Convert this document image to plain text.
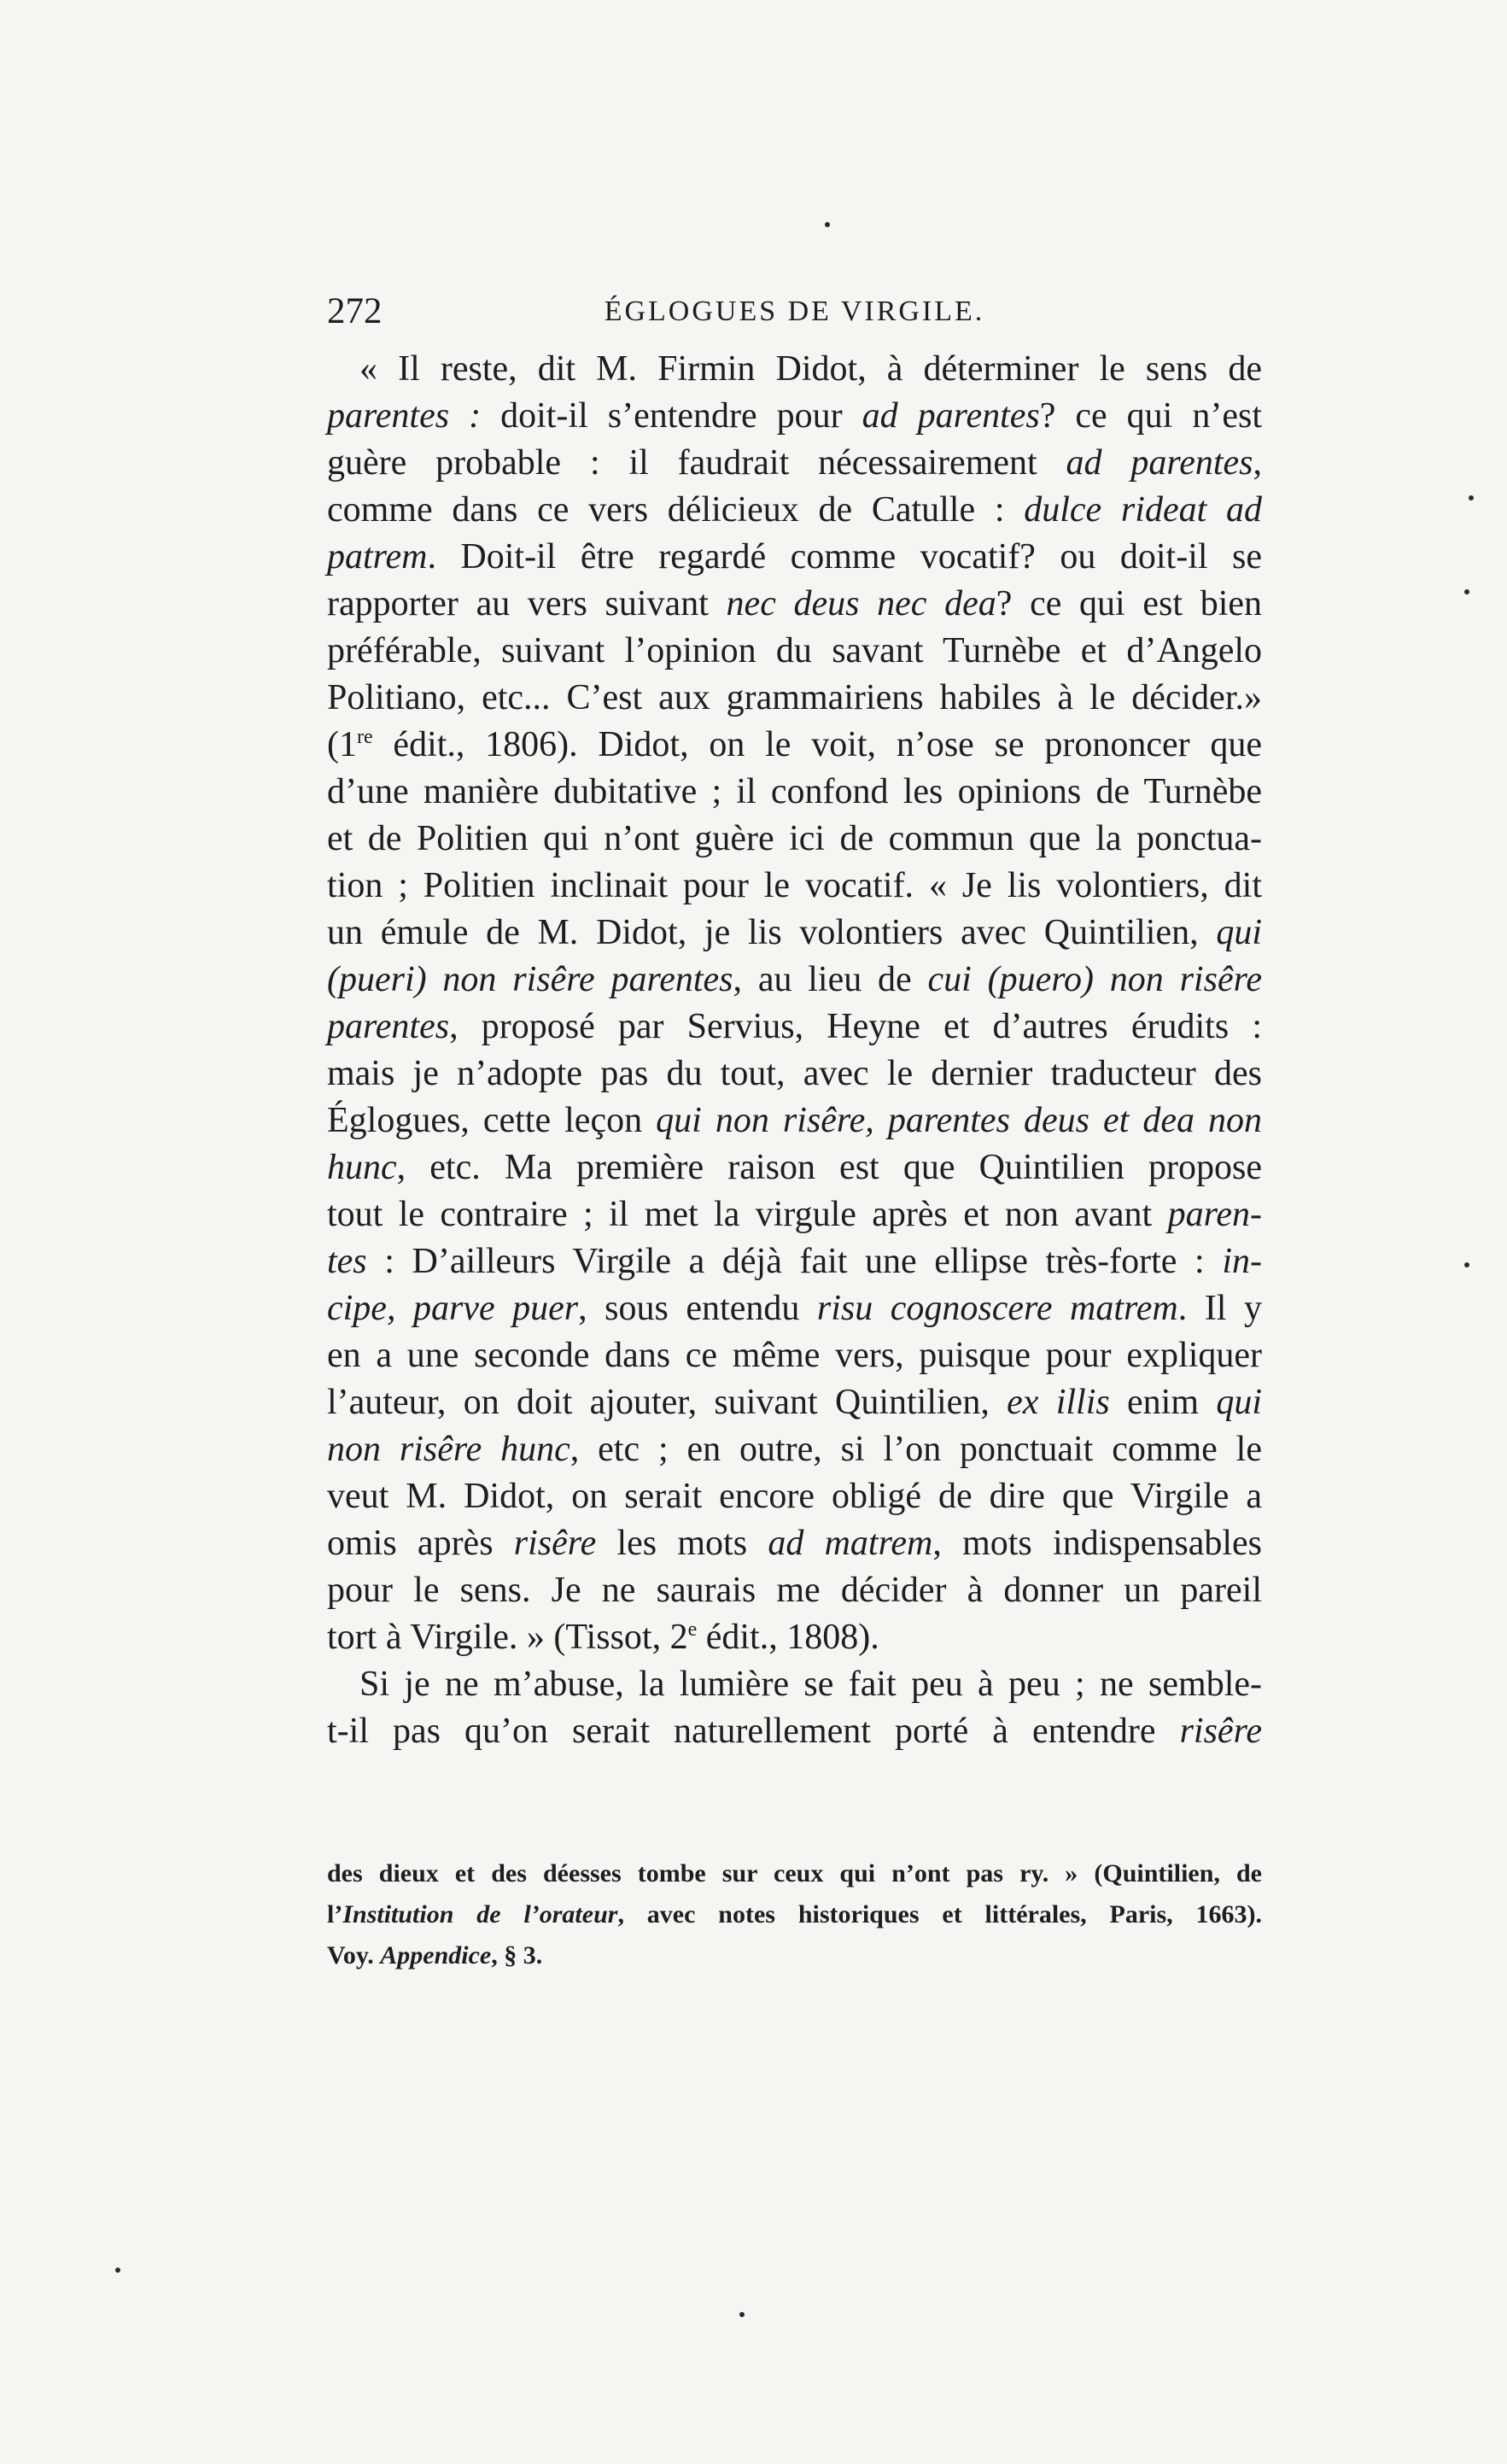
272	ÉGLOGUES DE VIRGILE.
« Il reste, dit M. Firmin Didot, à déterminer le sens de
parentes : doit-il s’entendre pour ad parentes? ce qui n’est
guère probable : il faudrait nécessairement ad parentes,
comme dans ce vers délicieux de Catulle : dulce rideat ad
patrem. Doit-il être regardé comme vocatif? ou doit-il se
rapporter au vers suivant nec deus nec dea? ce qui est bien
préférable, suivant l’opinion du savant Turnèbe et d’Angelo
Politiano, etc... C’est aux grammairiens habiles à le décider.»
(1re édit., 1806). Didot, on le voit, n’ose se prononcer que
d’une manière dubitative ; il confond les opinions de Turnèbe
et de Politien qui n’ont guère ici de commun que la ponctua-
tion ; Politien inclinait pour le vocatif. « Je lis volontiers, dit
un émule de M. Didot, je lis volontiers avec Quintilien, qui
(pueri) non risêre parentes, au lieu de cui (puero) non risêre
parentes, proposé par Servius, Heyne et d’autres érudits :
mais je n’adopte pas du tout, avec le dernier traducteur des
Églogues, cette leçon qui non risêre, parentes deus et dea non
hunc, etc. Ma première raison est que Quintilien propose
tout le contraire ; il met la virgule après et non avant paren-
tes : D’ailleurs Virgile a déjà fait une ellipse très-forte : in-
cipe, parve puer, sous entendu risu cognoscere matrem. Il y
en a une seconde dans ce même vers, puisque pour expliquer
l’auteur, on doit ajouter, suivant Quintilien, ex illis enim qui
non risêre hunc, etc ; en outre, si l’on ponctuait comme le
veut M. Didot, on serait encore obligé de dire que Virgile a
omis après risêre les mots ad matrem, mots indispensables
pour le sens. Je ne saurais me décider à donner un pareil
tort à Virgile. » (Tissot, 2e édit., 1808).
Si je ne m’abuse, la lumière se fait peu à peu ; ne semble-
t-il pas qu’on serait naturellement porté à entendre risêre
des dieux et des déesses tombe sur ceux qui n’ont pas ry. » (Quintilien, de
l’Institution de l’orateur, avec notes historiques et littérales, Paris, 1663).
Voy. Appendice, § 3.
